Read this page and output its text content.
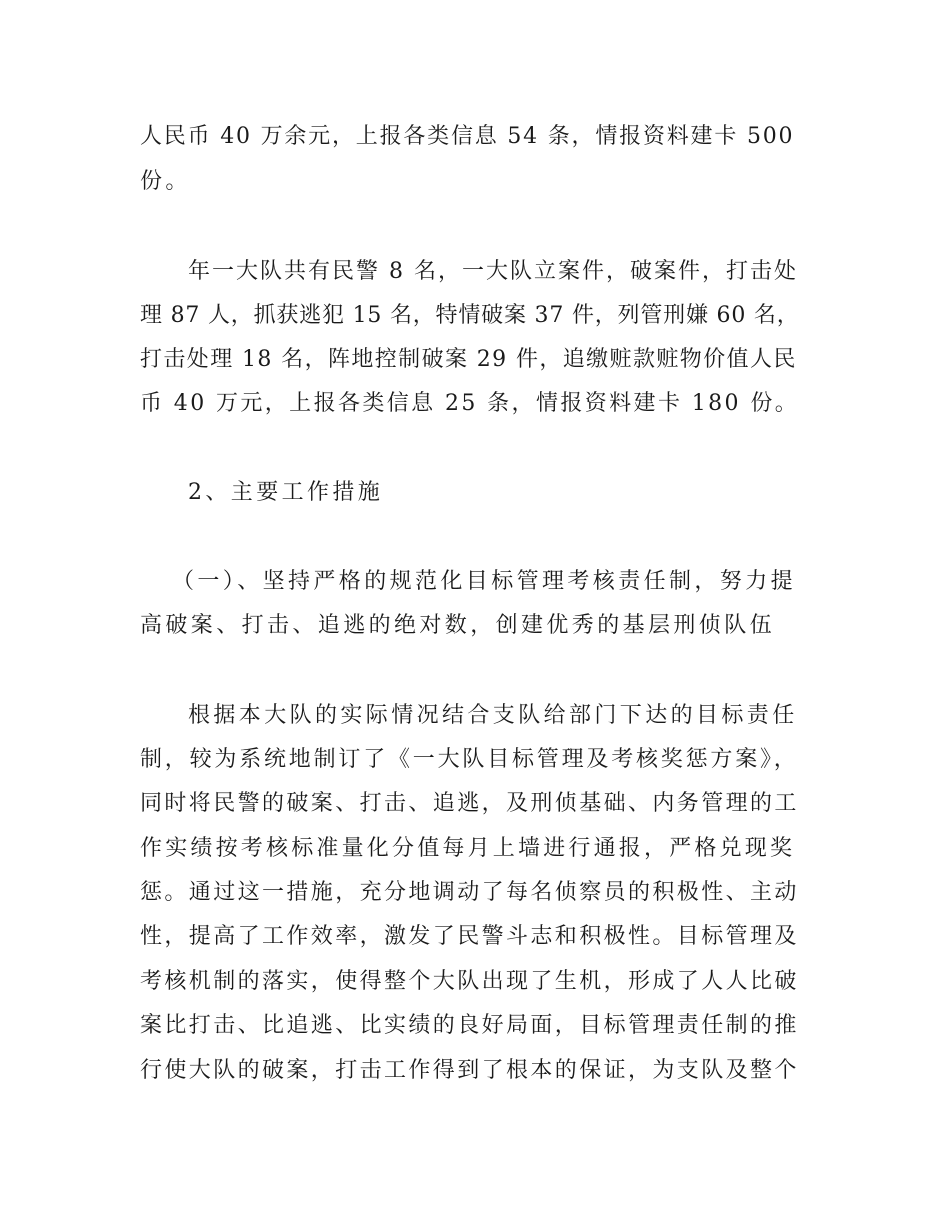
人民币 40 万余元，上报各类信息 54 条，情报资料建卡 500
份。
年一大队共有民警 8 名，一大队立案件，破案件，打击处
理 87 人，抓获逃犯 15 名，特情破案 37 件，列管刑嫌 60 名，
打击处理 18 名，阵地控制破案 29 件，追缴赃款赃物价值人民
币 40 万元，上报各类信息 25 条，情报资料建卡 180 份。
2、主要工作措施
（一）、坚持严格的规范化目标管理考核责任制，努力提
高破案、打击、追逃的绝对数，创建优秀的基层刑侦队伍
根据本大队的实际情况结合支队给部门下达的目标责任
制，较为系统地制订了《一大队目标管理及考核奖惩方案》，
同时将民警的破案、打击、追逃，及刑侦基础、内务管理的工
作实绩按考核标准量化分值每月上墙进行通报，严格兑现奖
惩。通过这一措施，充分地调动了每名侦察员的积极性、主动
性，提高了工作效率，激发了民警斗志和积极性。目标管理及
考核机制的落实，使得整个大队出现了生机，形成了人人比破
案比打击、比追逃、比实绩的良好局面，目标管理责任制的推
行使大队的破案，打击工作得到了根本的保证，为支队及整个
